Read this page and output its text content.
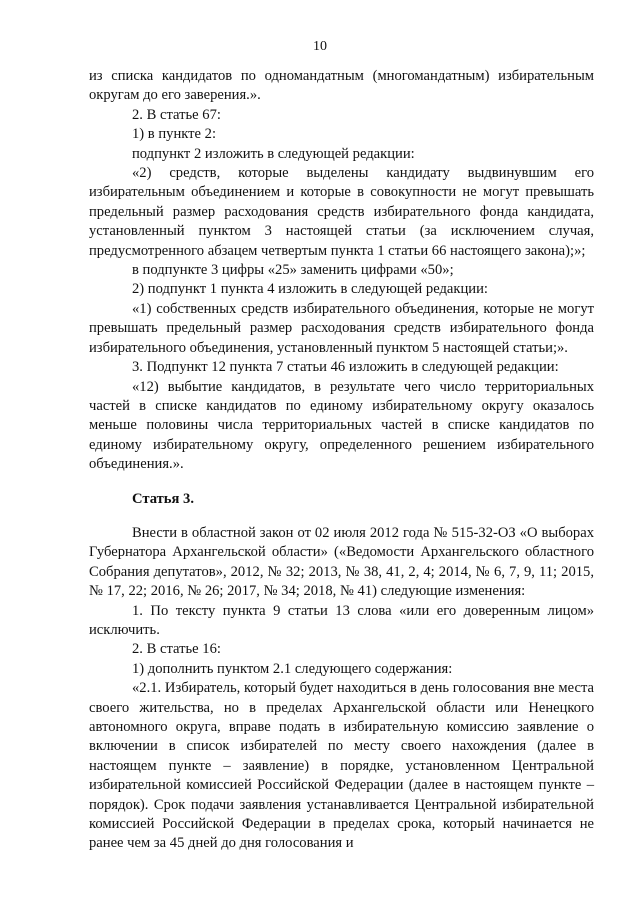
10

из списка кандидатов по одномандатным (многомандатным) избирательным округам до его заверения.».

2. В статье 67:

1) в пункте 2:

подпункт 2 изложить в следующей редакции:

«2) средств, которые выделены кандидату выдвинувшим его избирательным объединением и которые в совокупности не могут превышать предельный размер расходования средств избирательного фонда кандидата, установленный пунктом 3 настоящей статьи (за исключением случая, предусмотренного абзацем четвертым пункта 1 статьи 66 настоящего закона);»;

в подпункте 3 цифры «25» заменить цифрами «50»;

2) подпункт 1 пункта 4 изложить в следующей редакции:

«1) собственных средств избирательного объединения, которые не могут превышать предельный размер расходования средств избирательного фонда избирательного объединения, установленный пунктом 5 настоящей статьи;».

3. Подпункт 12 пункта 7 статьи 46 изложить в следующей редакции:

«12) выбытие кандидатов, в результате чего число территориальных частей в списке кандидатов по единому избирательному округу оказалось меньше половины числа территориальных частей в списке кандидатов по единому избирательному округу, определенного решением избирательного объединения.».

Статья 3.

Внести в областной закон от 02 июля 2012 года № 515-32-ОЗ «О выборах Губернатора Архангельской области» («Ведомости Архангельского областного Собрания депутатов», 2012, № 32; 2013, № 38, 41, 2, 4; 2014, № 6, 7, 9, 11; 2015, № 17, 22; 2016, № 26; 2017, № 34; 2018, № 41) следующие изменения:

1. По тексту пункта 9 статьи 13 слова «или его доверенным лицом» исключить.

2. В статье 16:

1) дополнить пунктом 2.1 следующего содержания:

«2.1. Избиратель, который будет находиться в день голосования вне места своего жительства, но в пределах Архангельской области или Ненецкого автономного округа, вправе подать в избирательную комиссию заявление о включении в список избирателей по месту своего нахождения (далее в настоящем пункте – заявление) в порядке, установленном Центральной избирательной комиссией Российской Федерации (далее в настоящем пункте – порядок). Срок подачи заявления устанавливается Центральной избирательной комиссией Российской Федерации в пределах срока, который начинается не ранее чем за 45 дней до дня голосования и
